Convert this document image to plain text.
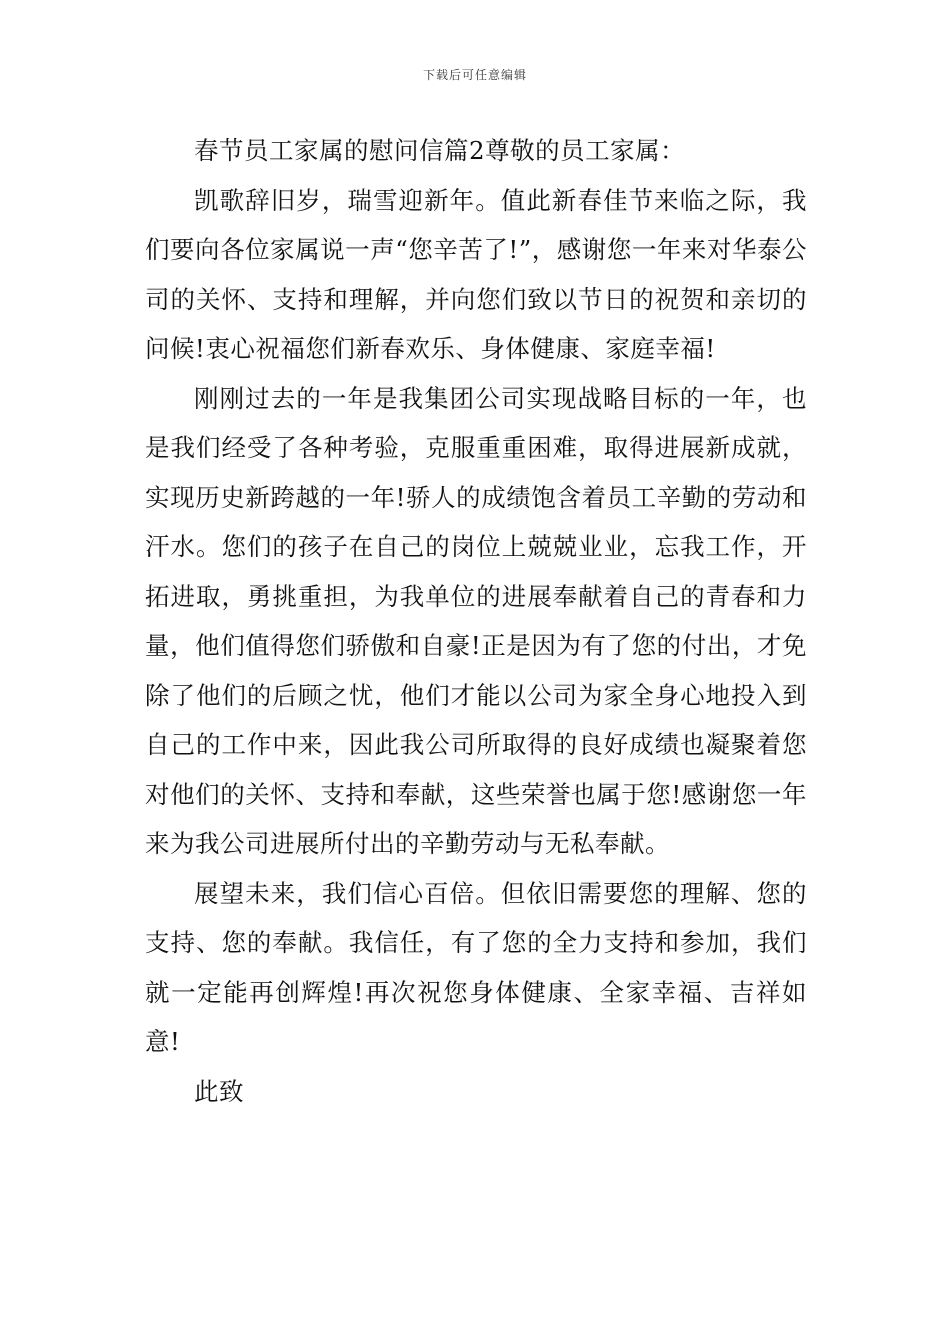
下载后可任意编辑

春节员工家属的慰问信篇2尊敬的员工家属：

凯歌辞旧岁，瑞雪迎新年。值此新春佳节来临之际，我们要向各位家属说一声“您辛苦了!”，感谢您一年来对华泰公司的关怀、支持和理解，并向您们致以节日的祝贺和亲切的问候!衷心祝福您们新春欢乐、身体健康、家庭幸福!

刚刚过去的一年是我集团公司实现战略目标的一年，也是我们经受了各种考验，克服重重困难，取得进展新成就，实现历史新跨越的一年!骄人的成绩饱含着员工辛勤的劳动和汗水。您们的孩子在自己的岗位上兢兢业业，忘我工作，开拓进取，勇挑重担，为我单位的进展奉献着自己的青春和力量，他们值得您们骄傲和自豪!正是因为有了您的付出，才免除了他们的后顾之忧，他们才能以公司为家全身心地投入到自己的工作中来，因此我公司所取得的良好成绩也凝聚着您对他们的关怀、支持和奉献，这些荣誉也属于您!感谢您一年来为我公司进展所付出的辛勤劳动与无私奉献。

展望未来，我们信心百倍。但依旧需要您的理解、您的支持、您的奉献。我信任，有了您的全力支持和参加，我们就一定能再创辉煌!再次祝您身体健康、全家幸福、吉祥如意!

此致
